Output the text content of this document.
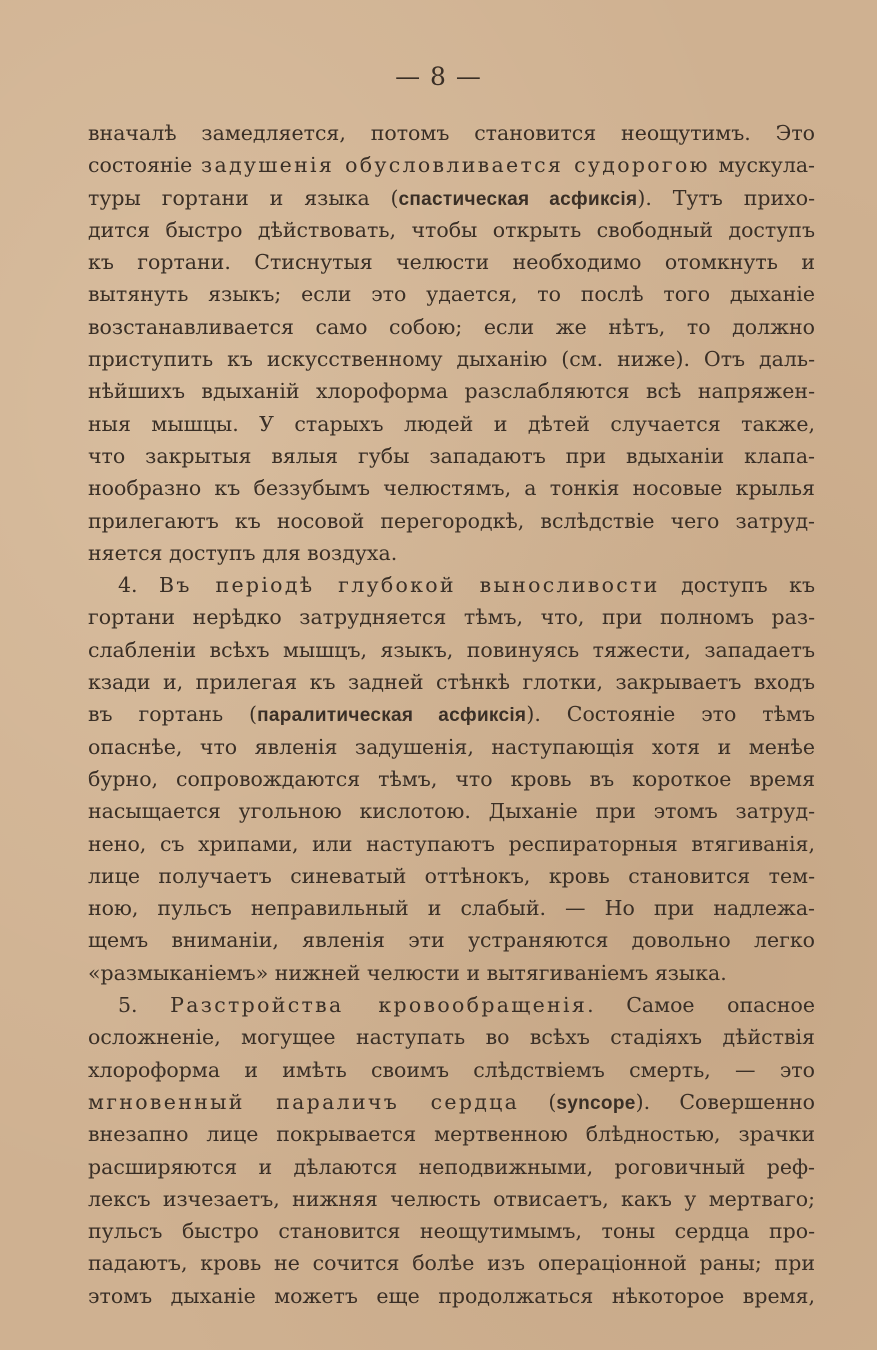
— 8 —
вначалѣ замедляется, потомъ становится неощутимъ. Это
состоянiе задушенiя обусловливается судорогою мускула-
туры гортани и языка (спастическая асфиксiя). Тутъ прихо-
дится быстро дѣйствовать, чтобы открыть свободный доступъ
къ гортани. Стиснутыя челюсти необходимо отомкнуть и
вытянуть языкъ; если это удается, то послѣ того дыханiе
возстанавливается само собою; если же нѣтъ, то должно
приступить къ искусственному дыханiю (см. ниже). Отъ даль-
нѣйшихъ вдыханiй хлороформа разслабляются всѣ напряжен-
ныя мышцы. У старыхъ людей и дѣтей случается также,
что закрытыя вялыя губы западаютъ при вдыханiи клапа-
нообразно къ беззубымъ челюстямъ, а тонкiя носовые крылья
прилегаютъ къ носовой перегородкѣ, вслѣдствiе чего затруд-
няется доступъ для воздуха.
4. Въ перiодѣ глубокой выносливости доступъ къ
гортани нерѣдко затрудняется тѣмъ, что, при полномъ раз-
слабленiи всѣхъ мышцъ, языкъ, повинуясь тяжести, западаетъ
кзади и, прилегая къ задней стѣнкѣ глотки, закрываетъ входъ
въ гортань (паралитическая асфиксiя). Состоянiе это тѣмъ
опаснѣе, что явленiя задушенiя, наступающiя хотя и менѣе
бурно, сопровождаются тѣмъ, что кровь въ короткое время
насыщается угольною кислотою. Дыханiе при этомъ затруд-
нено, съ хрипами, или наступаютъ респираторныя втягиванiя,
лице получаетъ синеватый оттѣнокъ, кровь становится тем-
ною, пульсъ неправильный и слабый. — Но при надлежа-
щемъ вниманiи, явленiя эти устраняются довольно легко
«размыканiемъ» нижней челюсти и вытягиванiемъ языка.
5. Разстройства кровообращенiя. Самое опасное
осложненiе, могущее наступать во всѣхъ стадiяхъ дѣйствiя
хлороформа и имѣть своимъ слѣдствiемъ смерть, — это
мгновенный параличъ сердца (syncope). Совершенно
внезапно лице покрывается мертвенною блѣдностью, зрачки
расширяются и дѣлаются неподвижными, роговичный реф-
лексъ изчезаетъ, нижняя челюсть отвисаетъ, какъ у мертваго;
пульсъ быстро становится неощутимымъ, тоны сердца про-
падаютъ, кровь не сочится болѣе изъ операцiонной раны; при
этомъ дыханiе можетъ еще продолжаться нѣкоторое время,
